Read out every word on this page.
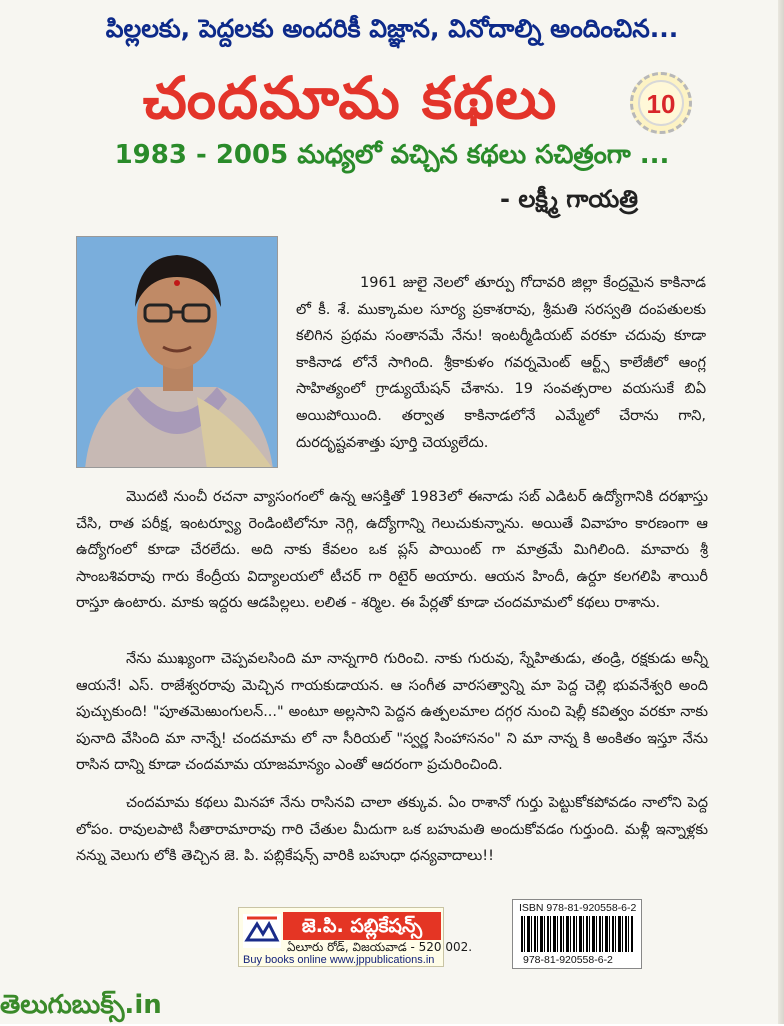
పిల్లలకు, పెద్దలకు అందరికీ విజ్ఞాన, వినోదాల్ని అందించిన...
చందమామ కథలు	10
1983 - 2005 మధ్యలో వచ్చిన కథలు సచిత్రంగా ...
- లక్ష్మీ గాయత్రి

1961 జులై నెలలో తూర్పు గోదావరి జిల్లా కేంద్రమైన కాకినాడ లో కీ. శే. ముక్కామల సూర్య ప్రకాశరావు, శ్రీమతి సరస్వతి దంపతులకు కలిగిన ప్రథమ సంతానమే నేను! ఇంటర్మీడియట్ వరకూ చదువు కూడా కాకినాడ లోనే సాగింది. శ్రీకాకుళం గవర్నమెంట్ ఆర్ట్స్ కాలేజీలో ఆంగ్ల సాహిత్యంలో గ్రాడ్యుయేషన్ చేశాను. 19 సంవత్సరాల వయసుకే బిఏ అయిపోయింది. తర్వాత కాకినాడలోనే ఎమ్మేలో చేరాను గాని, దురదృష్టవశాత్తు పూర్తి చెయ్యలేదు.

మొదటి నుంచీ రచనా వ్యాసంగంలో ఉన్న ఆసక్తితో 1983లో ఈనాడు సబ్ ఎడిటర్ ఉద్యోగానికి దరఖాస్తు చేసి, రాత పరీక్ష, ఇంటర్వ్యూ రెండింటిలోనూ నెగ్గి, ఉద్యోగాన్ని గెలుచుకున్నాను. అయితే వివాహం కారణంగా ఆ ఉద్యోగంలో కూడా చేరలేదు. అది నాకు కేవలం ఒక ప్లస్ పాయింట్ గా మాత్రమే మిగిలింది. మావారు శ్రీ సాంబశివరావు గారు కేంద్రీయ విద్యాలయలో టీచర్ గా రిటైర్ అయారు. ఆయన హిందీ, ఉర్దూ కలగలిపి శాయిరీ రాస్తూ ఉంటారు. మాకు ఇద్దరు ఆడపిల్లలు. లలిత - శర్మిల. ఈ పేర్లతో కూడా చందమామలో కథలు రాశాను.

నేను ముఖ్యంగా చెప్పవలసింది మా నాన్నగారి గురించి. నాకు గురువు, స్నేహితుడు, తండ్రి, రక్షకుడు అన్నీ ఆయనే! ఎస్. రాజేశ్వరరావు మెచ్చిన గాయకుడాయన. ఆ సంగీత వారసత్వాన్ని మా పెద్ద చెల్లి భువనేశ్వరి అంది పుచ్చుకుంది! "పూతమెఱుంగులన్..." అంటూ అల్లసాని పెద్దన ఉత్పలమాల దగ్గర నుంచి షెల్లీ కవిత్వం వరకూ నాకు పునాది వేసింది మా నాన్నే! చందమామ లో నా సీరియల్ "స్వర్ణ సింహాసనం" ని మా నాన్న కి అంకితం ఇస్తూ నేను రాసిన దాన్ని కూడా చందమామ యాజమాన్యం ఎంతో ఆదరంగా ప్రచురించింది.

చందమామ కథలు మినహా నేను రాసినవి చాలా తక్కువ. ఏం రాశానో గుర్తు పెట్టుకోకపోవడం నాలోని పెద్ద లోపం. రావులపాటి సీతారామారావు గారి చేతుల మీదుగా ఒక బహుమతి అందుకోవడం గుర్తుంది. మళ్లీ ఇన్నాళ్లకు నన్ను వెలుగు లోకి తెచ్చిన జె. పి. పబ్లికేషన్స్ వారికి బహుధా ధన్యవాదాలు!!

జె.పి. పబ్లికేషన్స్
ఏలూరు రోడ్, విజయవాడ - 520 002.
Buy books online www.jppublications.in
ISBN 978-81-920558-6-2
978-81-920558-6-2
తెలుగుబుక్స్.in
